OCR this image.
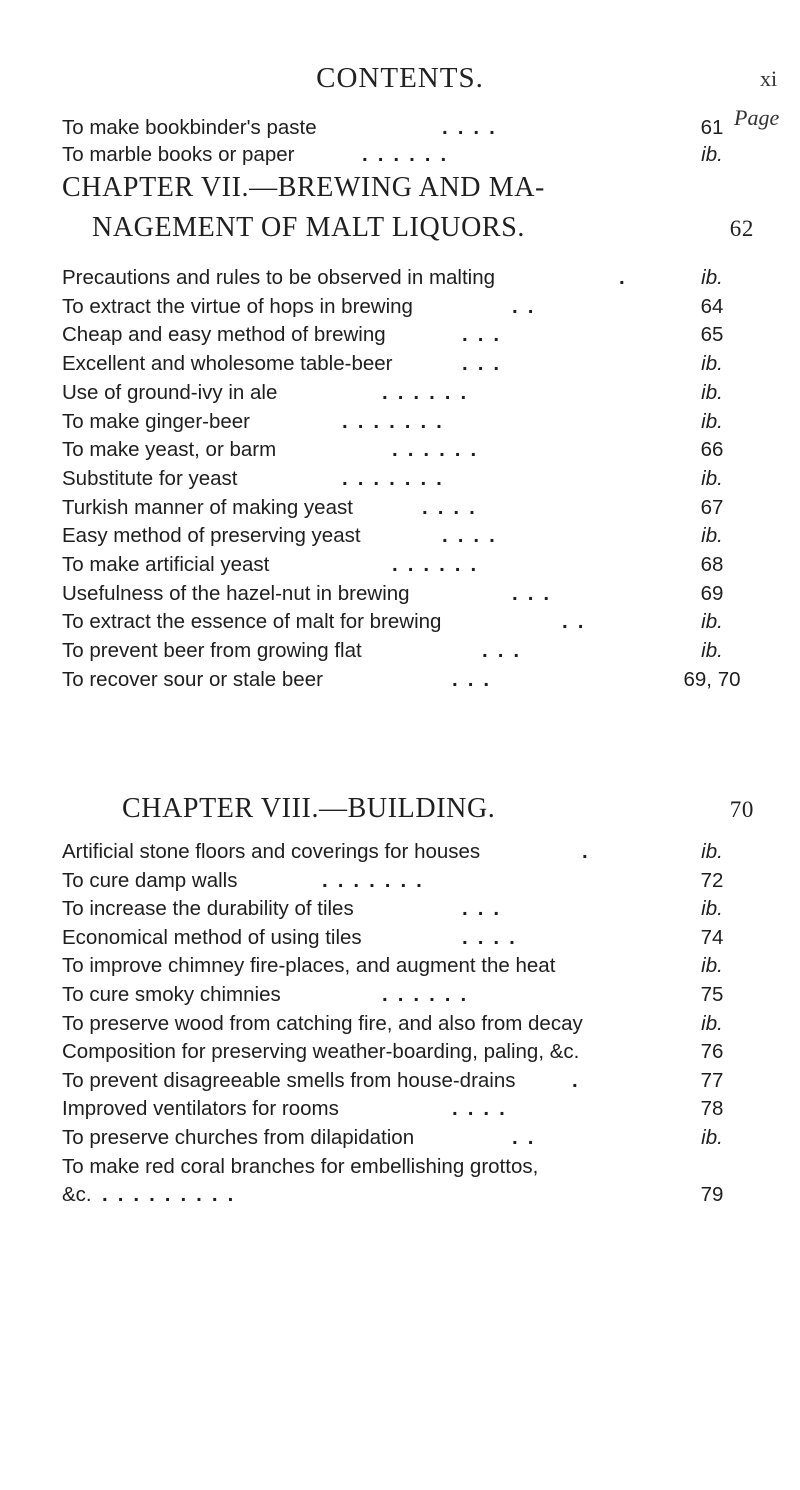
CONTENTS.	xi
Page
To make bookbinder's paste	....	61
To marble books or paper	......	ib.
CHAPTER VII.—BREWING AND MA-
NAGEMENT OF MALT LIQUORS.	62
Precautions and rules to be observed in malting	.	ib.
To extract the virtue of hops in brewing	..	64
Cheap and easy method of brewing	...	65
Excellent and wholesome table-beer	...	ib.
Use of ground-ivy in ale	......	ib.
To make ginger-beer	.......	ib.
To make yeast, or barm	......	66
Substitute for yeast	.......	ib.
Turkish manner of making yeast	....	67
Easy method of preserving yeast	....	ib.
To make artificial yeast	......	68
Usefulness of the hazel-nut in brewing	...	69
To extract the essence of malt for brewing	..	ib.
To prevent beer from growing flat	...	ib.
To recover sour or stale beer	...	69, 70
CHAPTER VIII.—BUILDING.	70
Artificial stone floors and coverings for houses	.	ib.
To cure damp walls	.......	72
To increase the durability of tiles	...	ib.
Economical method of using tiles	....	74
To improve chimney fire-places, and augment the heat	ib.
To cure smoky chimnies	......	75
To preserve wood from catching fire, and also from decay	ib.
Composition for preserving weather-boarding, paling, &c.	76
To prevent disagreeable smells from house-drains	.	77
Improved ventilators for rooms	....	78
To preserve churches from dilapidation	..	ib.
To make red coral branches for embellishing grottos,
&c. .........	79
